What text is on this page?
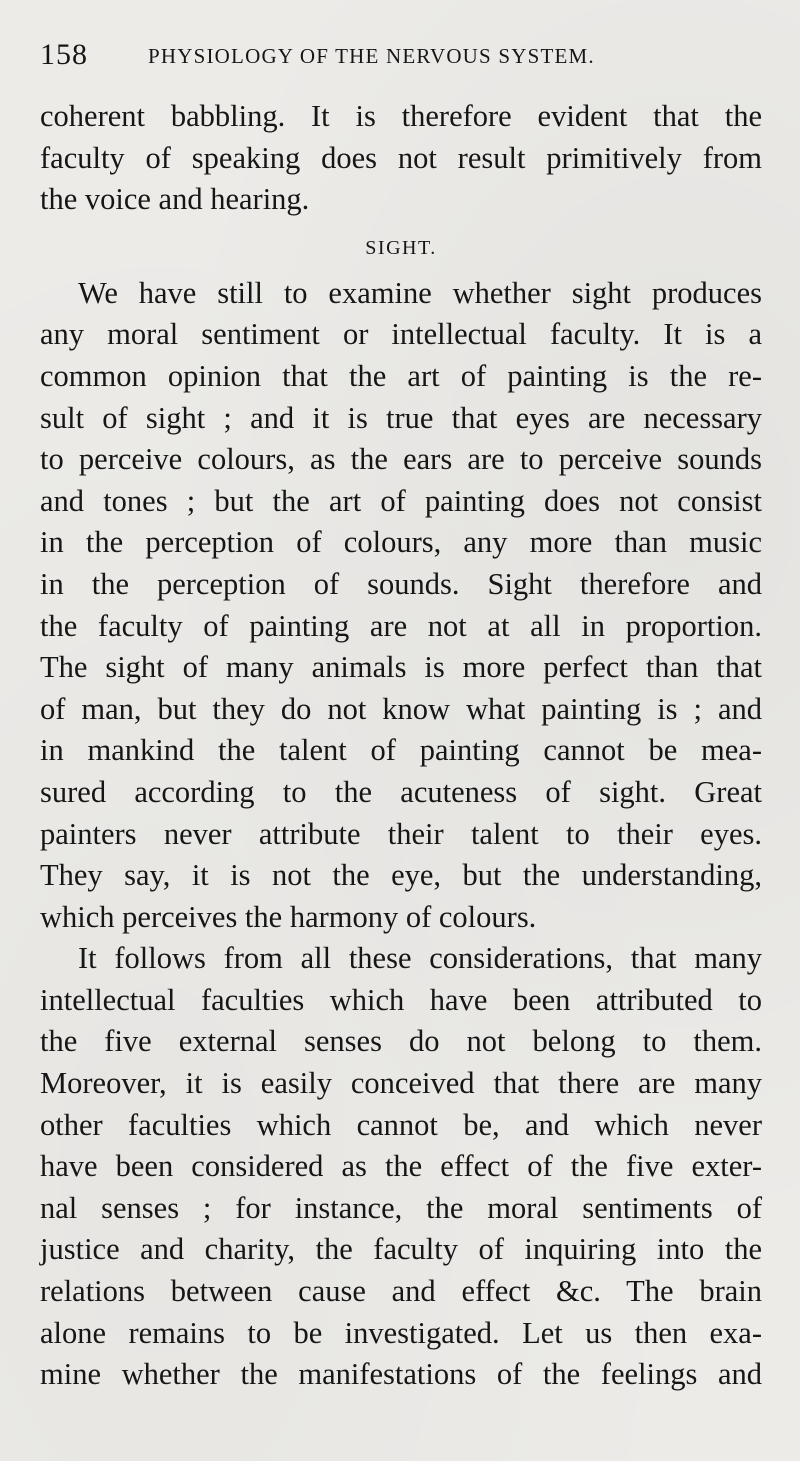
158	PHYSIOLOGY OF THE NERVOUS SYSTEM.
coherent babbling. It is therefore evident that the
faculty of speaking does not result primitively from
the voice and hearing.
SIGHT.
We have still to examine whether sight produces
any moral sentiment or intellectual faculty. It is a
common opinion that the art of painting is the re-
sult of sight ; and it is true that eyes are necessary
to perceive colours, as the ears are to perceive sounds
and tones ; but the art of painting does not consist
in the perception of colours, any more than music
in the perception of sounds. Sight therefore and
the faculty of painting are not at all in proportion.
The sight of many animals is more perfect than that
of man, but they do not know what painting is ; and
in mankind the talent of painting cannot be mea-
sured according to the acuteness of sight. Great
painters never attribute their talent to their eyes.
They say, it is not the eye, but the understanding,
which perceives the harmony of colours.
It follows from all these considerations, that many
intellectual faculties which have been attributed to
the five external senses do not belong to them.
Moreover, it is easily conceived that there are many
other faculties which cannot be, and which never
have been considered as the effect of the five exter-
nal senses ; for instance, the moral sentiments of
justice and charity, the faculty of inquiring into the
relations between cause and effect &c. The brain
alone remains to be investigated. Let us then exa-
mine whether the manifestations of the feelings and
